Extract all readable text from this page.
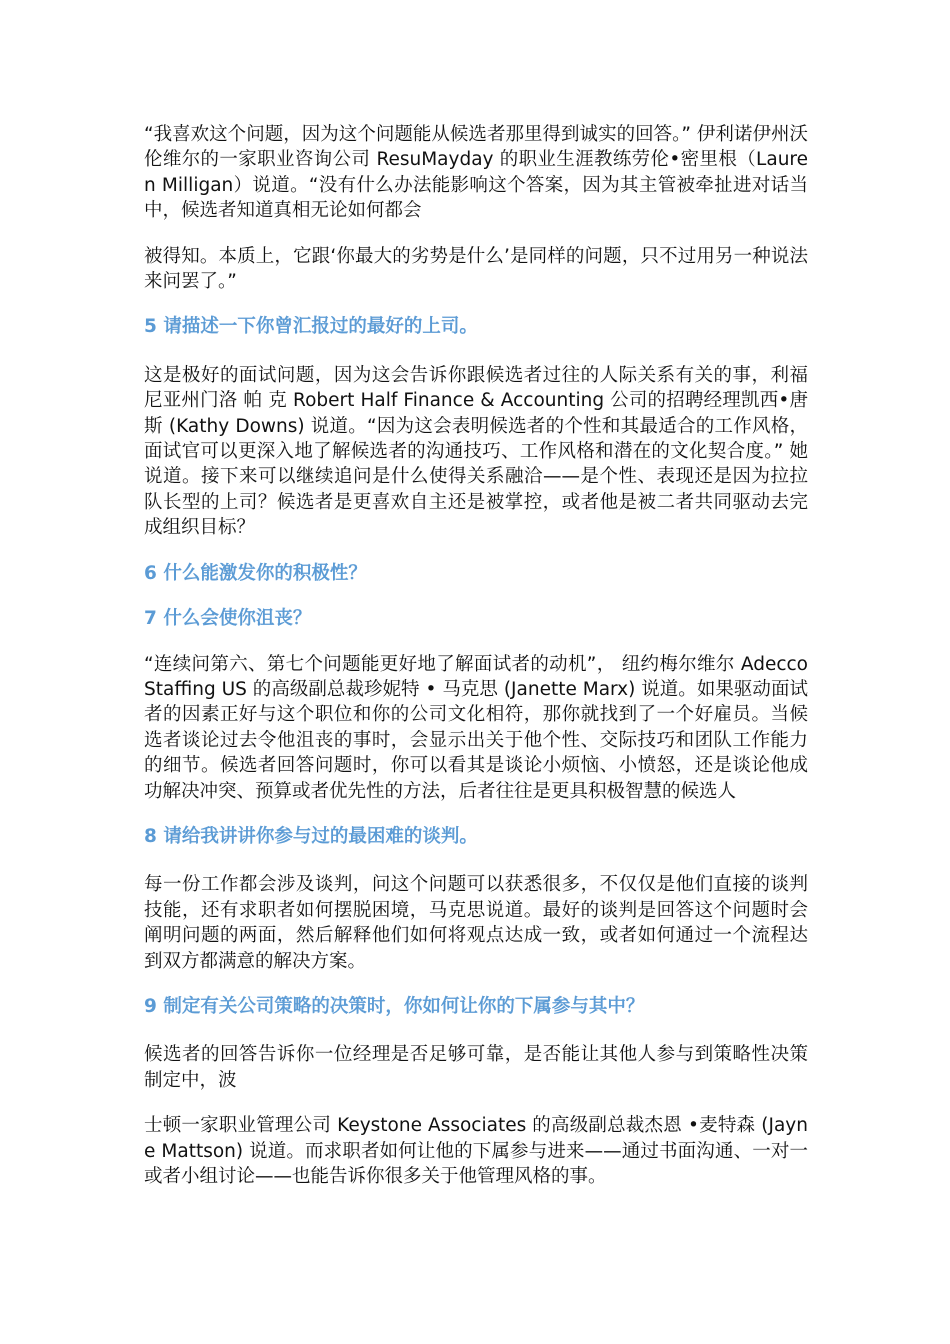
“我喜欢这个问题，因为这个问题能从候选者那里得到诚实的回答。” 伊利诺伊州沃伦维尔的一家职业咨询公司 ResuMayday 的职业生涯教练劳伦•密里根（Lauren Milligan）说道。“没有什么办法能影响这个答案，因为其主管被牵扯进对话当中，候选者知道真相无论如何都会

被得知。本质上，它跟‘你最大的劣势是什么’是同样的问题，只不过用另一种说法来问罢了。”

5 请描述一下你曾汇报过的最好的上司。

这是极好的面试问题，因为这会告诉你跟候选者过往的人际关系有关的事，利福尼亚州门洛 帕 克 Robert Half Finance & Accounting 公司的招聘经理凯西•唐斯 (Kathy Downs) 说道。“因为这会表明候选者的个性和其最适合的工作风格，面试官可以更深入地了解候选者的沟通技巧、工作风格和潜在的文化契合度。” 她说道。接下来可以继续追问是什么使得关系融洽——是个性、表现还是因为拉拉队长型的上司？候选者是更喜欢自主还是被掌控，或者他是被二者共同驱动去完成组织目标？

6 什么能激发你的积极性？

7 什么会使你沮丧？

“连续问第六、第七个问题能更好地了解面试者的动机”， 纽约梅尔维尔 Adecco Staffing US 的高级副总裁珍妮特 • 马克思 (Janette Marx) 说道。如果驱动面试者的因素正好与这个职位和你的公司文化相符，那你就找到了一个好雇员。当候选者谈论过去令他沮丧的事时，会显示出关于他个性、交际技巧和团队工作能力的细节。候选者回答问题时，你可以看其是谈论小烦恼、小愤怒，还是谈论他成功解决冲突、预算或者优先性的方法，后者往往是更具积极智慧的候选人

8 请给我讲讲你参与过的最困难的谈判。

每一份工作都会涉及谈判，问这个问题可以获悉很多，不仅仅是他们直接的谈判技能，还有求职者如何摆脱困境，马克思说道。最好的谈判是回答这个问题时会阐明问题的两面，然后解释他们如何将观点达成一致，或者如何通过一个流程达到双方都满意的解决方案。

9 制定有关公司策略的决策时，你如何让你的下属参与其中？

候选者的回答告诉你一位经理是否足够可靠，是否能让其他人参与到策略性决策制定中，波

士顿一家职业管理公司 Keystone Associates 的高级副总裁杰恩 •麦特森 (Jayne Mattson) 说道。而求职者如何让他的下属参与进来——通过书面沟通、一对一或者小组讨论——也能告诉你很多关于他管理风格的事。
